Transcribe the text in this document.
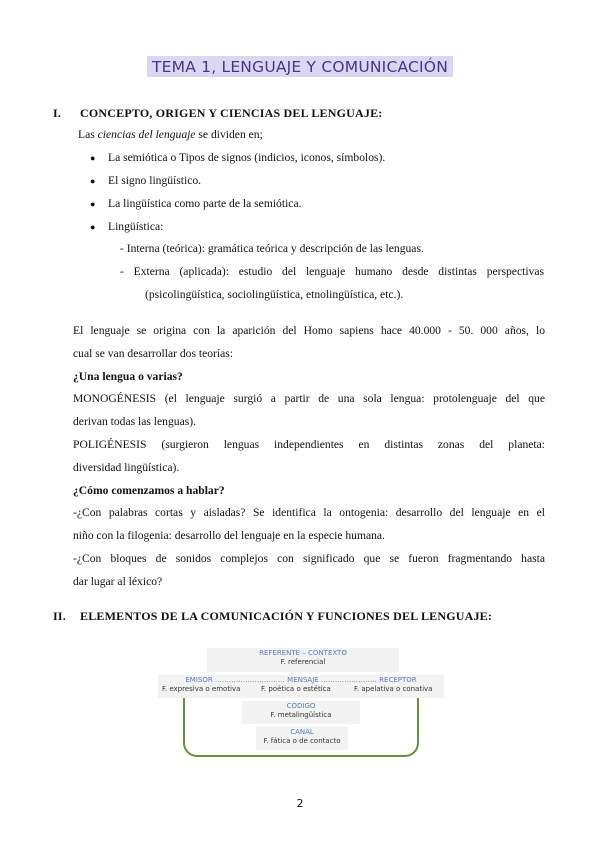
TEMA 1, LENGUAJE Y COMUNICACIÓN
I. CONCEPTO, ORIGEN Y CIENCIAS DEL LENGUAJE:
Las ciencias del lenguaje se dividen en;
● La semiótica o Tipos de signos (indicios, iconos, símbolos).
● El signo lingüístico.
● La lingüística como parte de la semiótica.
● Lingüística:
- Interna (teórica): gramática teórica y descripción de las lenguas.
- Externa (aplicada): estudio del lenguaje humano desde distintas perspectivas
(psicolingüística, sociolingüística, etnolingüística, etc.).
El lenguaje se origina con la aparición del Homo sapiens hace 40.000 - 50. 000 años, lo
cual se van desarrollar dos teorías:
¿Una lengua o varias?
MONOGÉNESIS (el lenguaje surgió a partir de una sola lengua: protolenguaje del que
derivan todas las lenguas).
POLIGÉNESIS (surgieron lenguas independientes en distintas zonas del planeta:
diversidad lingüística).
¿Cómo comenzamos a hablar?
-¿Con palabras cortas y aisladas? Se identifica la ontogenia: desarrollo del lenguaje en el
niño con la filogenia: desarrollo del lenguaje en la especie humana.
-¿Con bloques de sonidos complejos con significado que se fueron fragmentando hasta
dar lugar al léxico?
II. ELEMENTOS DE LA COMUNICACIÓN Y FUNCIONES DEL LENGUAJE:
REFERENTE – CONTEXTO
F. referencial
EMISOR ………………………… MENSAJE …………………… RECEPTOR
F. expresiva o emotiva	F. poética o estética	F. apelativa o conativa
CÓDIGO
F. metalingüística
CANAL
F. fática o de contacto
2
